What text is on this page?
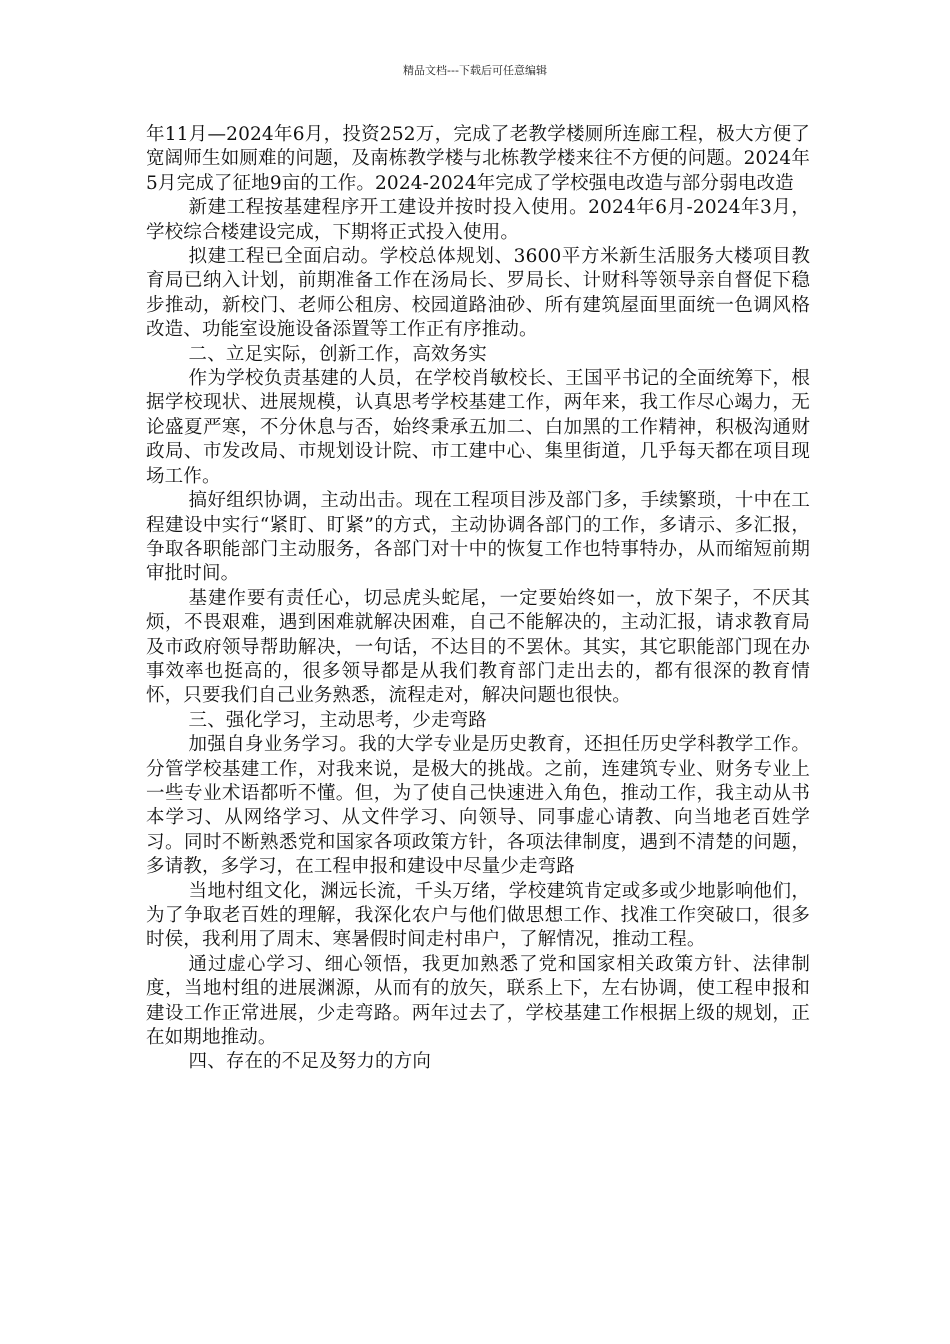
精品文档---下载后可任意编辑

年11月—2024年6月，投资252万，完成了老教学楼厕所连廊工程，极大方便了宽阔师生如厕难的问题，及南栋教学楼与北栋教学楼来往不方便的问题。2024年5月完成了征地9亩的工作。2024-2024年完成了学校强电改造与部分弱电改造

新建工程按基建程序开工建设并按时投入使用。2024年6月-2024年3月，学校综合楼建设完成，下期将正式投入使用。

拟建工程已全面启动。学校总体规划、3600平方米新生活服务大楼项目教育局已纳入计划，前期准备工作在汤局长、罗局长、计财科等领导亲自督促下稳步推动，新校门、老师公租房、校园道路油砂、所有建筑屋面里面统一色调风格改造、功能室设施设备添置等工作正有序推动。

二、立足实际，创新工作，高效务实

作为学校负责基建的人员，在学校肖敏校长、王国平书记的全面统筹下，根据学校现状、进展规模，认真思考学校基建工作，两年来，我工作尽心竭力，无论盛夏严寒，不分休息与否，始终秉承五加二、白加黑的工作精神，积极沟通财政局、市发改局、市规划设计院、市工建中心、集里街道，几乎每天都在项目现场工作。

搞好组织协调，主动出击。现在工程项目涉及部门多，手续繁琐，十中在工程建设中实行“紧盯、盯紧”的方式，主动协调各部门的工作，多请示、多汇报，争取各职能部门主动服务，各部门对十中的恢复工作也特事特办，从而缩短前期审批时间。

基建作要有责任心，切忌虎头蛇尾，一定要始终如一，放下架子，不厌其烦，不畏艰难，遇到困难就解决困难，自己不能解决的，主动汇报，请求教育局及市政府领导帮助解决，一句话，不达目的不罢休。其实，其它职能部门现在办事效率也挺高的，很多领导都是从我们教育部门走出去的，都有很深的教育情怀，只要我们自己业务熟悉，流程走对，解决问题也很快。

三、强化学习，主动思考，少走弯路

加强自身业务学习。我的大学专业是历史教育，还担任历史学科教学工作。分管学校基建工作，对我来说，是极大的挑战。之前，连建筑专业、财务专业上一些专业术语都听不懂。但，为了使自己快速进入角色，推动工作，我主动从书本学习、从网络学习、从文件学习、向领导、同事虚心请教、向当地老百姓学习。同时不断熟悉党和国家各项政策方针，各项法律制度，遇到不清楚的问题，多请教，多学习，在工程申报和建设中尽量少走弯路

当地村组文化，渊远长流，千头万绪，学校建筑肯定或多或少地影响他们，为了争取老百姓的理解，我深化农户与他们做思想工作、找准工作突破口，很多时侯，我利用了周末、寒暑假时间走村串户，了解情况，推动工程。

通过虚心学习、细心领悟，我更加熟悉了党和国家相关政策方针、法律制度，当地村组的进展渊源，从而有的放矢，联系上下，左右协调，使工程申报和建设工作正常进展，少走弯路。两年过去了，学校基建工作根据上级的规划，正在如期地推动。

四、存在的不足及努力的方向
